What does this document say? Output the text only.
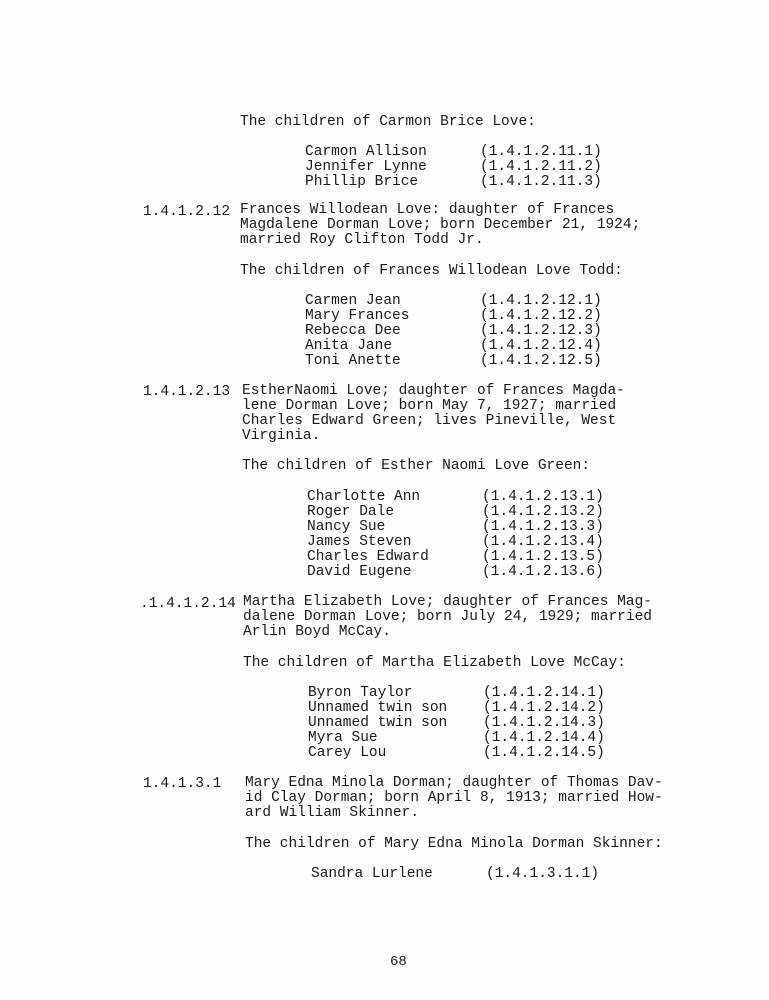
The children of Carmon Brice Love:
Carmon Allison	(1.4.1.2.11.1)
Jennifer Lynne	(1.4.1.2.11.2)
Phillip Brice	(1.4.1.2.11.3)
1.4.1.2.12 Frances Willodean Love: daughter of Frances
Magdalene Dorman Love; born December 21, 1924;
married Roy Clifton Todd Jr.
The children of Frances Willodean Love Todd:
Carmen Jean	(1.4.1.2.12.1)
Mary Frances	(1.4.1.2.12.2)
Rebecca Dee	(1.4.1.2.12.3)
Anita Jane	(1.4.1.2.12.4)
Toni Anette	(1.4.1.2.12.5)
1.4.1.2.13 EstherNaomi Love; daughter of Frances Magda-
lene Dorman Love; born May 7, 1927; married
Charles Edward Green; lives Pineville, West
Virginia.
The children of Esther Naomi Love Green:
Charlotte Ann	(1.4.1.2.13.1)
Roger Dale	(1.4.1.2.13.2)
Nancy Sue	(1.4.1.2.13.3)
James Steven	(1.4.1.2.13.4)
Charles Edward	(1.4.1.2.13.5)
David Eugene	(1.4.1.2.13.6)
.1.4.1.2.14 Martha Elizabeth Love; daughter of Frances Mag-
dalene Dorman Love; born July 24, 1929; married
Arlin Boyd McCay.
The children of Martha Elizabeth Love McCay:
Byron Taylor	(1.4.1.2.14.1)
Unnamed twin son (1.4.1.2.14.2)
Unnamed twin son (1.4.1.2.14.3)
Myra Sue	(1.4.1.2.14.4)
Carey Lou	(1.4.1.2.14.5)
1.4.1.3.1 Mary Edna Minola Dorman; daughter of Thomas Dav-
id Clay Dorman; born April 8, 1913; married How-
ard William Skinner.
The children of Mary Edna Minola Dorman Skinner:
Sandra Lurlene	(1.4.1.3.1.1)
68
